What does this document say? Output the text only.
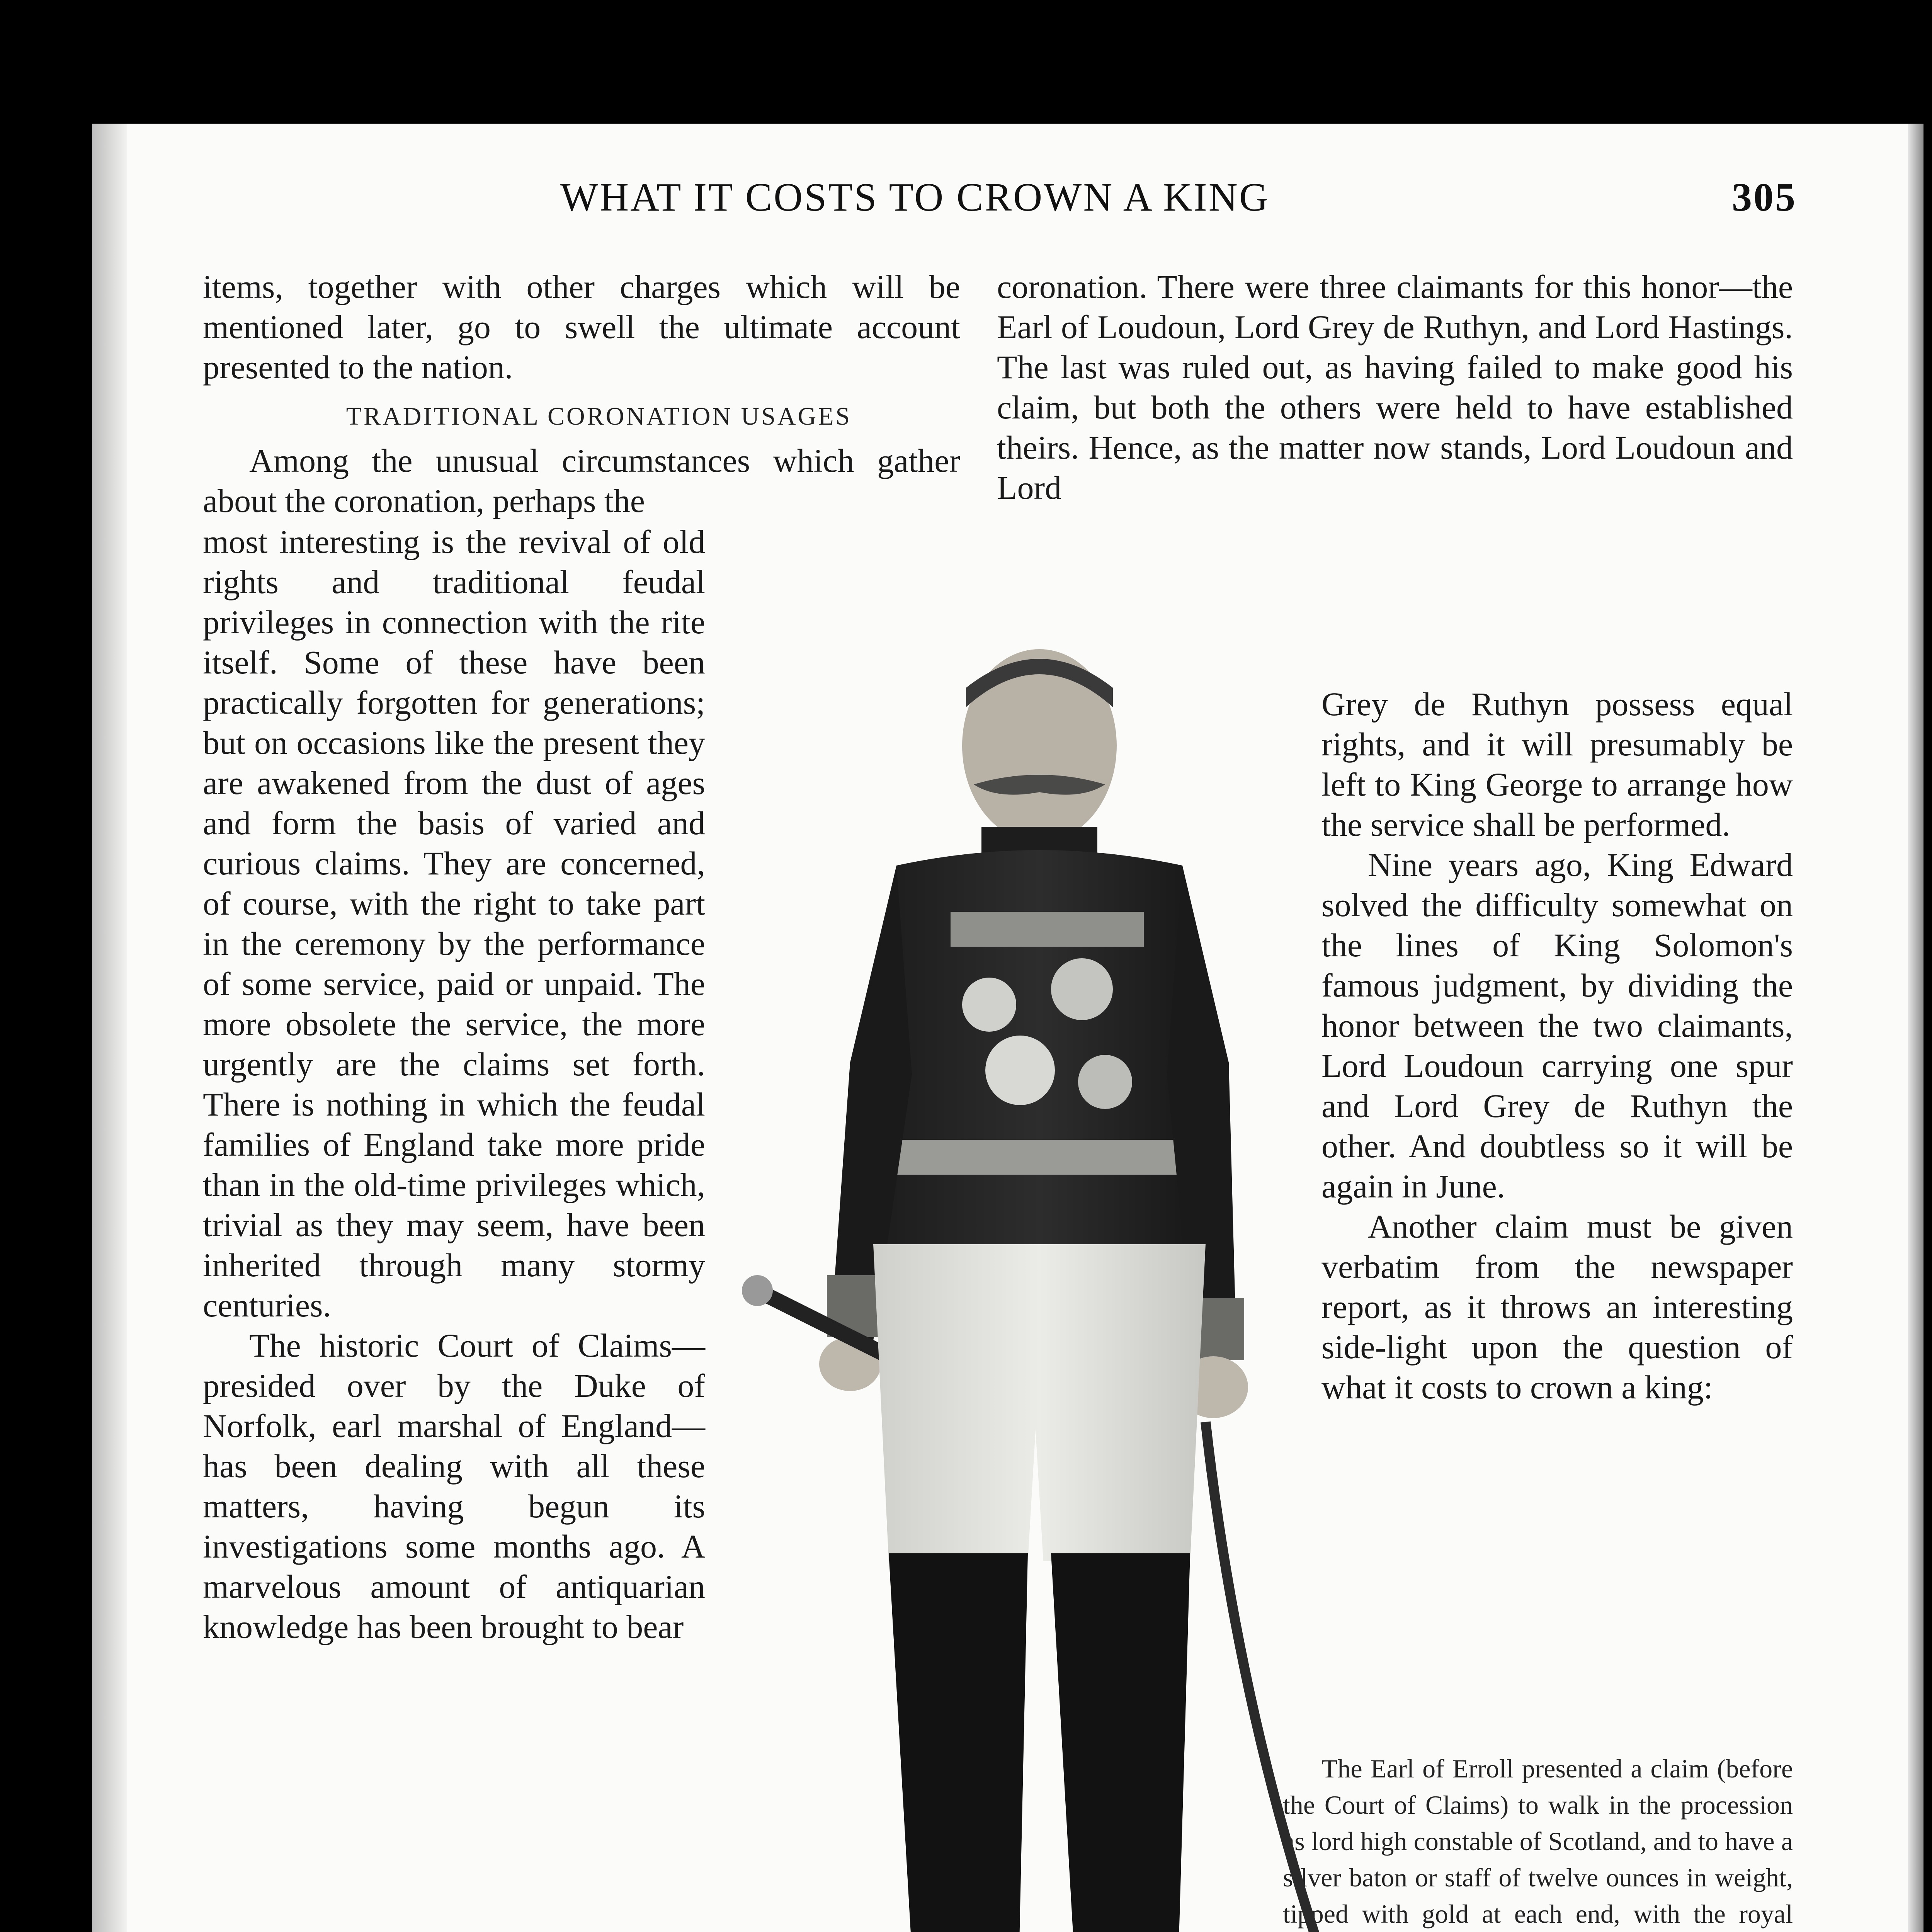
WHAT IT COSTS TO CROWN A KING	305

items, together with other charges which will be mentioned later, go to swell the ultimate account presented to the nation.

TRADITIONAL CORONATION USAGES

Among the unusual circumstances which gather about the coronation, perhaps the

most interesting is the revival of old rights and traditional feudal privileges in connection with the rite itself. Some of these have been practically forgotten for generations; but on occasions like the present they are awakened from the dust of ages and form the basis of varied and curious claims. They are concerned, of course, with the right to take part in the ceremony by the performance of some service, paid or unpaid. The more obsolete the service, the more urgently are the claims set forth. There is nothing in which the feudal families of England take more pride than in the old-time privileges which, trivial as they may seem, have been inherited through many stormy centuries.

The historic Court of Claims—presided over by the Duke of Norfolk, earl marshal of England—has been dealing with all these matters, having begun its investigations some months ago. A marvelous amount of antiquarian knowledge has been brought to bear

coronation. There were three claimants for this honor—the Earl of Loudoun, Lord Grey de Ruthyn, and Lord Hastings. The last was ruled out, as having failed to make good his claim, but both the others were held to have established theirs. Hence, as the matter now stands, Lord Loudoun and Lord

Grey de Ruthyn possess equal rights, and it will presumably be left to King George to arrange how the service shall be performed.

Nine years ago, King Edward solved the difficulty somewhat on the lines of King Solomon's famous judgment, by dividing the honor between the two claimants, Lord Loudoun carrying one spur and Lord Grey de Ruthyn the other. And doubtless so it will be again in June.

Another claim must be given verbatim from the newspaper report, as it throws an interesting side-light upon the question of what it costs to crown a king:

The Earl of Erroll presented a claim (before the Court of Claims) to walk in the procession as lord high constable of Scotland, and to have a silver baton or staff of twelve ounces in weight, tipped with gold at each end, with the royal
